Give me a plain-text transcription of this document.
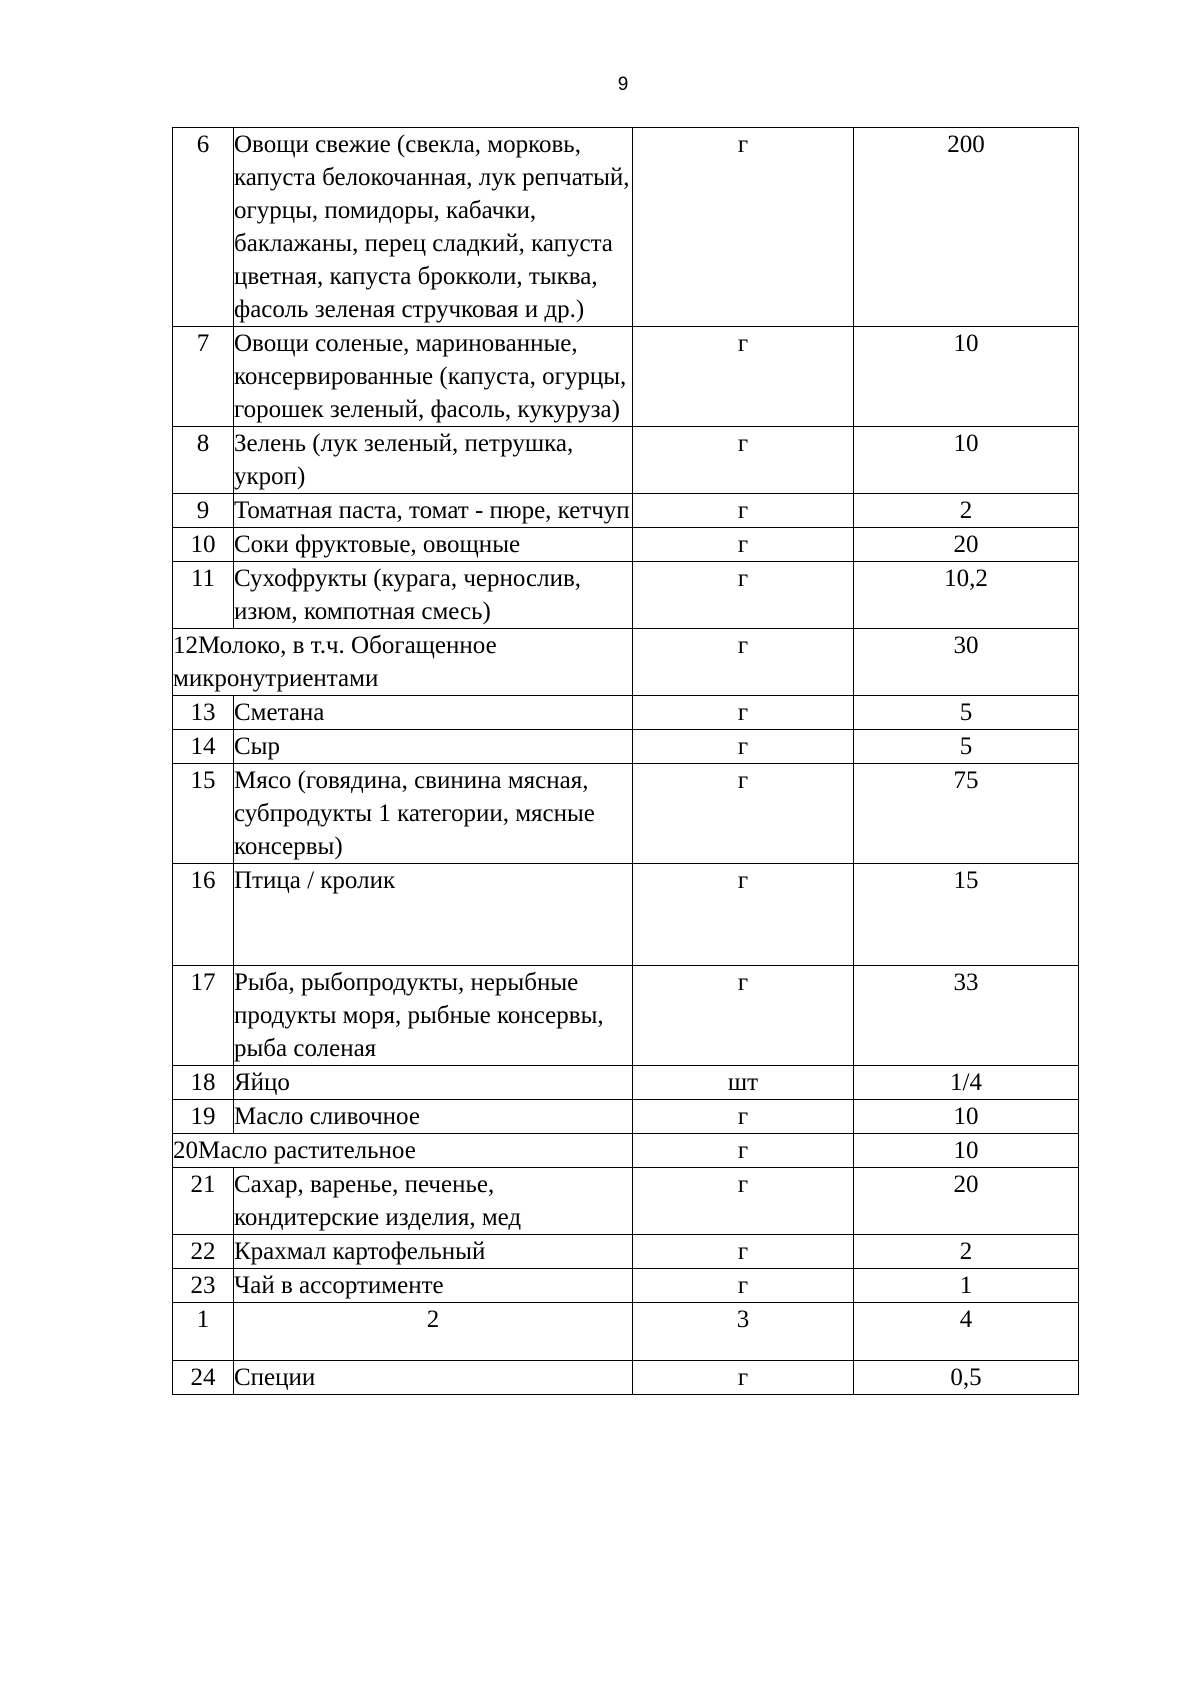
9
6	Овощи свежие (свекла, морковь, капуста белокочанная, лук репчатый, огурцы, помидоры, кабачки, баклажаны, перец сладкий, капуста цветная, капуста брокколи, тыква, фасоль зеленая стручковая и др.)	г	200
7	Овощи соленые, маринованные, консервированные (капуста, огурцы, горошек зеленый, фасоль, кукуруза)	г	10
8	Зелень (лук зеленый, петрушка, укроп)	г	10
9	Томатная паста, томат - пюре, кетчуп	г	2
10	Соки фруктовые, овощные	г	20
11	Сухофрукты (курага, чернослив, изюм, компотная смесь)	г	10,2
12Молоко, в т.ч. Обогащенное микронутриентами		г	30
13	Сметана	г	5
14	Сыр	г	5
15	Мясо (говядина, свинина мясная, субпродукты 1 категории, мясные консервы)	г	75
16	Птица / кролик	г	15
17	Рыба, рыбопродукты, нерыбные продукты моря, рыбные консервы, рыба соленая	г	33
18	Яйцо	шт	1/4
19	Масло сливочное	г	10
20Масло растительное		г	10
21	Сахар, варенье, печенье, кондитерские изделия, мед	г	20
22	Крахмал картофельный	г	2
23	Чай в ассортименте	г	1
1	2	3	4
24	Специи	г	0,5
